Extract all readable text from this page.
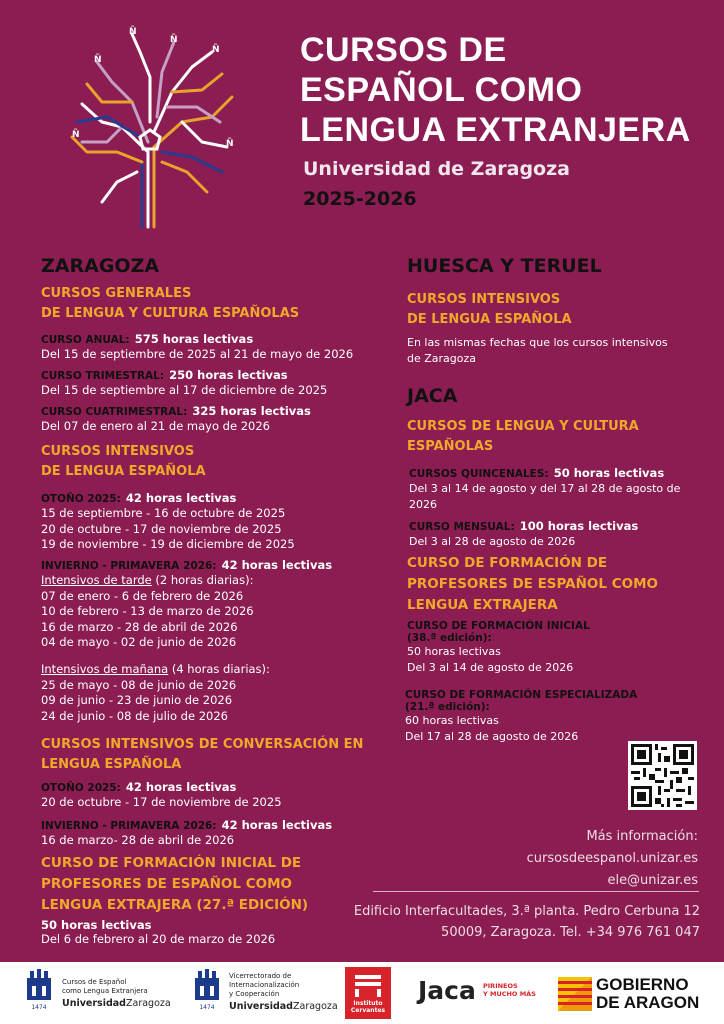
Ñ
Ñ
Ñ
Ñ
Ñ
Ñ	CURSOS DE
ESPAÑOL COMO
LENGUA EXTRANJERA
Universidad de Zaragoza
2025-2026
ZARAGOZA
CURSOS GENERALES
DE LENGUA Y CULTURA ESPAÑOLAS
CURSO ANUAL: 575 horas lectivas
Del 15 de septiembre de 2025 al 21 de mayo de 2026
CURSO TRIMESTRAL: 250 horas lectivas
Del 15 de septiembre al 17 de diciembre de 2025
CURSO CUATRIMESTRAL: 325 horas lectivas
Del 07 de enero al 21 de mayo de 2026
CURSOS INTENSIVOS
DE LENGUA ESPAÑOLA
OTOÑO 2025: 42 horas lectivas
15 de septiembre - 16 de octubre de 2025
20 de octubre - 17 de noviembre de 2025
19 de noviembre - 19 de diciembre de 2025
INVIERNO - PRIMAVERA 2026: 42 horas lectivas
Intensivos de tarde (2 horas diarias):
07 de enero - 6 de febrero de 2026
10 de febrero - 13 de marzo de 2026
16 de marzo - 28 de abril de 2026
04 de mayo - 02 de junio de 2026
Intensivos de mañana (4 horas diarias):
25 de mayo - 08 de junio de 2026
09 de junio - 23 de junio de 2026
24 de junio - 08 de julio de 2026
CURSOS INTENSIVOS DE CONVERSACIÓN EN
LENGUA ESPAÑOLA
OTOÑO 2025: 42 horas lectivas
20 de octubre - 17 de noviembre de 2025
INVIERNO - PRIMAVERA 2026: 42 horas lectivas
16 de marzo- 28 de abril de 2026
CURSO DE FORMACIÓN INICIAL DE
PROFESORES DE ESPAÑOL COMO
LENGUA EXTRAJERA (27.ª EDICIÓN)
50 horas lectivas
Del 6 de febrero al 20 de marzo de 2026
HUESCA Y TERUEL
CURSOS INTENSIVOS
DE LENGUA ESPAÑOLA
En las mismas fechas que los cursos intensivos
de Zaragoza
JACA
CURSOS DE LENGUA Y CULTURA
ESPAÑOLAS
CURSOS QUINCENALES: 50 horas lectivas
Del 3 al 14 de agosto y del 17 al 28 de agosto de
2026
CURSO MENSUAL: 100 horas lectivas
Del 3 al 28 de agosto de 2026
CURSO DE FORMACIÓN DE
PROFESORES DE ESPAÑOL COMO
LENGUA EXTRAJERA
CURSO DE FORMACIÓN INICIAL
(38.ª edición):
50 horas lectivas
Del 3 al 14 de agosto de 2026
CURSO DE FORMACIÓN ESPECIALIZADA
(21.ª edición):
60 horas lectivas
Del 17 al 28 de agosto de 2026
Más información:
cursosdeespanol.unizar.es
ele@unizar.es
Edificio Interfacultades, 3.ª planta. Pedro Cerbuna 12
50009, Zaragoza. Tel. +34 976 761 047
1474
Cursos de Español
como Lengua Extranjera
UniversidadZaragoza	1474
Vicerrectorado de
Internacionalización
y Cooperación
UniversidadZaragoza	Instituto
Cervantes
Jaca PIRINEOS
Y MUCHO MÁS	GOBIERNO
DE ARAGON
